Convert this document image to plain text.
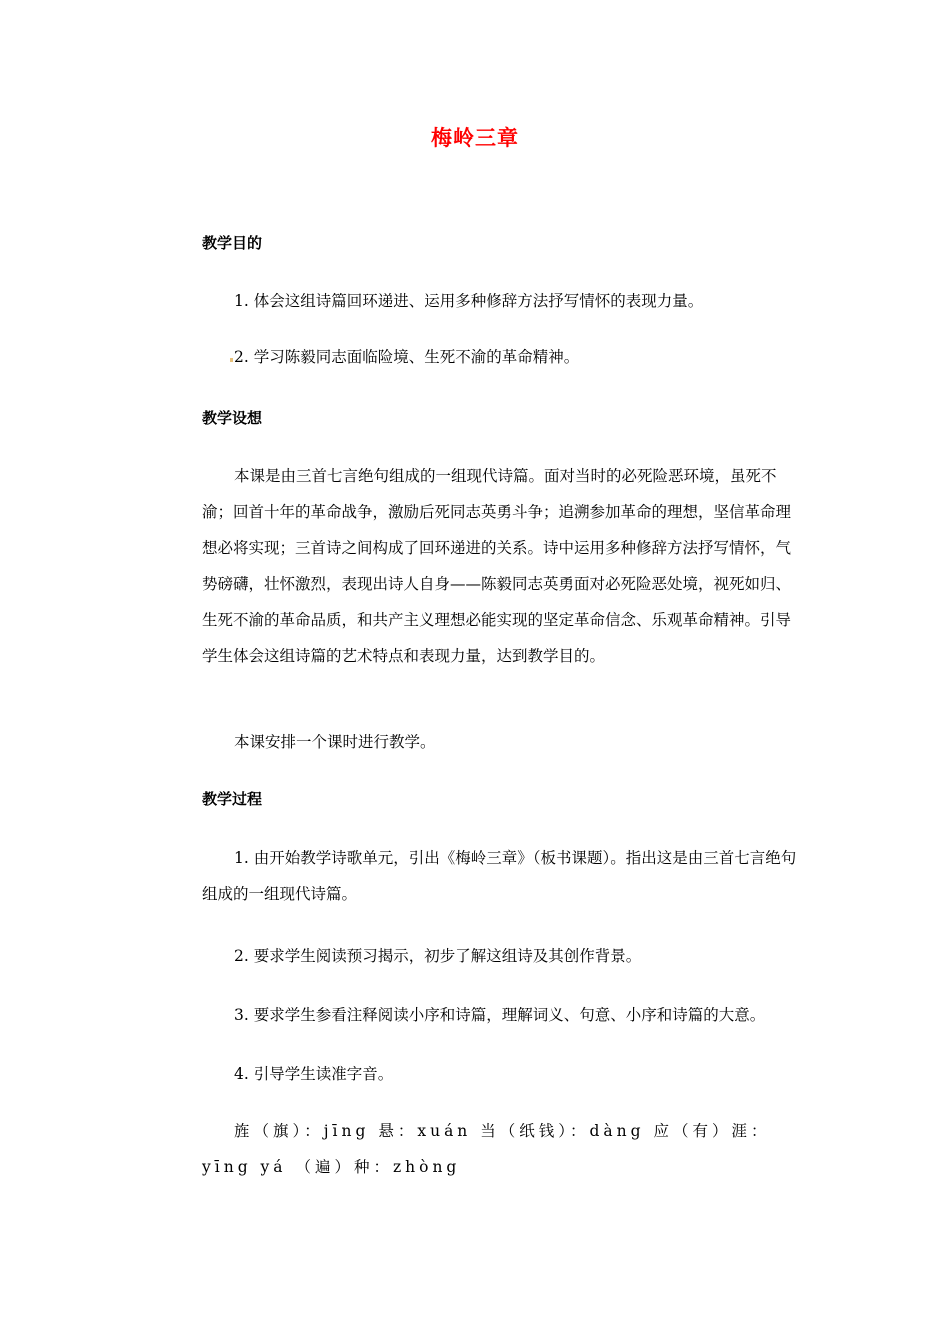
梅岭三章
教学目的
1. 体会这组诗篇回环递进、运用多种修辞方法抒写情怀的表现力量。
2. 学习陈毅同志面临险境、生死不渝的革命精神。
教学设想
本课是由三首七言绝句组成的一组现代诗篇。面对当时的必死险恶环境，虽死不渝；回首十年的革命战争，激励后死同志英勇斗争；追溯参加革命的理想，坚信革命理想必将实现；三首诗之间构成了回环递进的关系。诗中运用多种修辞方法抒写情怀，气势磅礴，壮怀激烈，表现出诗人自身——陈毅同志英勇面对必死险恶处境，视死如归、生死不渝的革命品质，和共产主义理想必能实现的坚定革命信念、乐观革命精神。引导学生体会这组诗篇的艺术特点和表现力量，达到教学目的。
本课安排一个课时进行教学。
教学过程
1. 由开始教学诗歌单元，引出《梅岭三章》（板书课题）。指出这是由三首七言绝句组成的一组现代诗篇。
2. 要求学生阅读预习揭示，初步了解这组诗及其创作背景。
3. 要求学生参看注释阅读小序和诗篇，理解词义、句意、小序和诗篇的大意。
4. 引导学生读准字音。
旌（旗）：jīng 悬：xuán 当（纸钱）：dàng 应（有）涯：yīng yá （遍）种：zhòng
